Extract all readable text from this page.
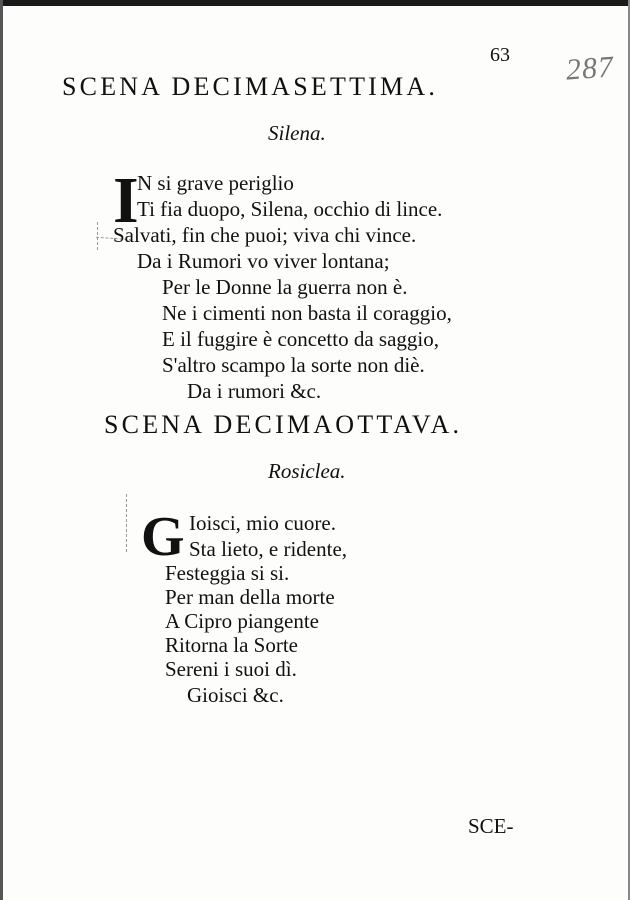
63 287
SCENA DECIMASETTIMA.
Silena.
I
N si grave periglio
Ti fia duopo, Silena, occhio di lince.
Salvati, fin che puoi; viva chi vince.
Da i Rumori vo viver lontana;
Per le Donne la guerra non è.
Ne i cimenti non basta il coraggio,
E il fuggire è concetto da saggio,
S'altro scampo la sorte non diè.
Da i rumori &c.
SCENA DECIMAOTTAVA.
Rosiclea.
G Ioisci, mio cuore.
Sta lieto, e ridente,
Festeggia si si.
Per man della morte
A Cipro piangente
Ritorna la Sorte
Sereni i suoi dì.
Gioisci &c.
SCE-
